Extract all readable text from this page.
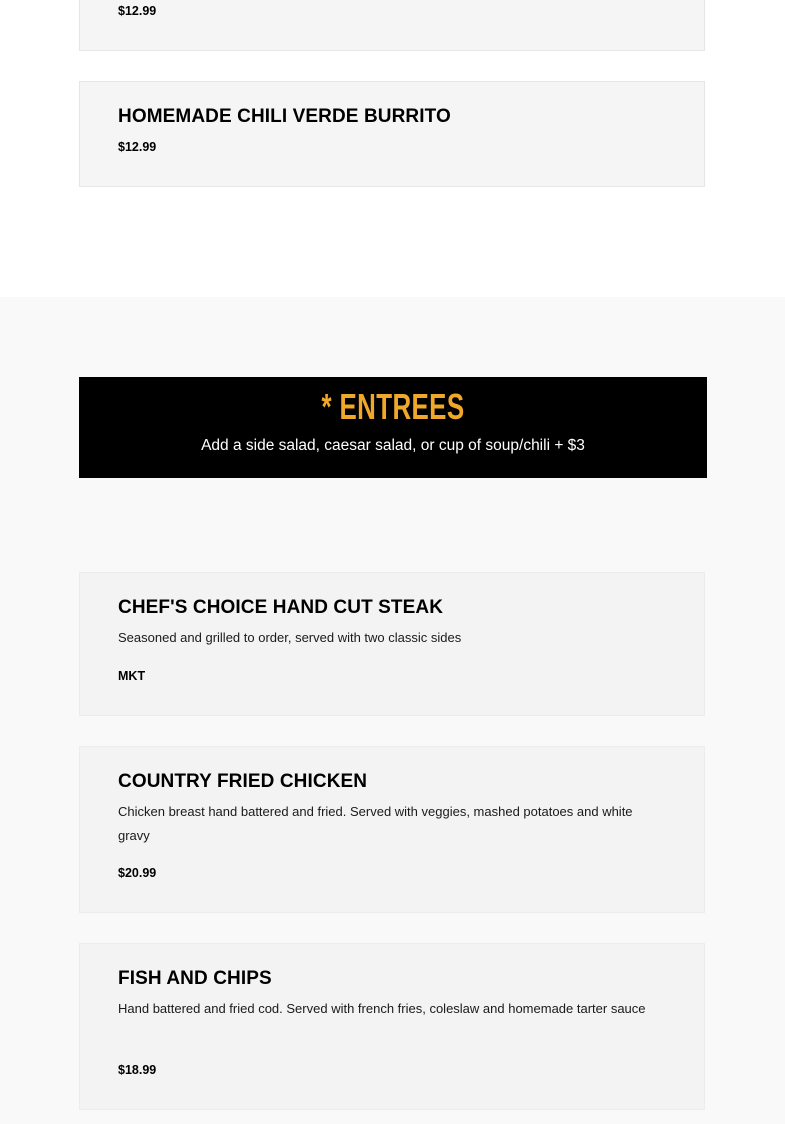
$12.99

HOMEMADE CHILI VERDE BURRITO

$12.99

* ENTREES

Add a side salad, caesar salad, or cup of soup/chili + $3

CHEF'S CHOICE HAND CUT STEAK

Seasoned and grilled to order, served with two classic sides

MKT

COUNTRY FRIED CHICKEN

Chicken breast hand battered and fried. Served with veggies, mashed potatoes and white gravy

$20.99

FISH AND CHIPS

Hand battered and fried cod. Served with french fries, coleslaw and homemade tarter sauce

$18.99
